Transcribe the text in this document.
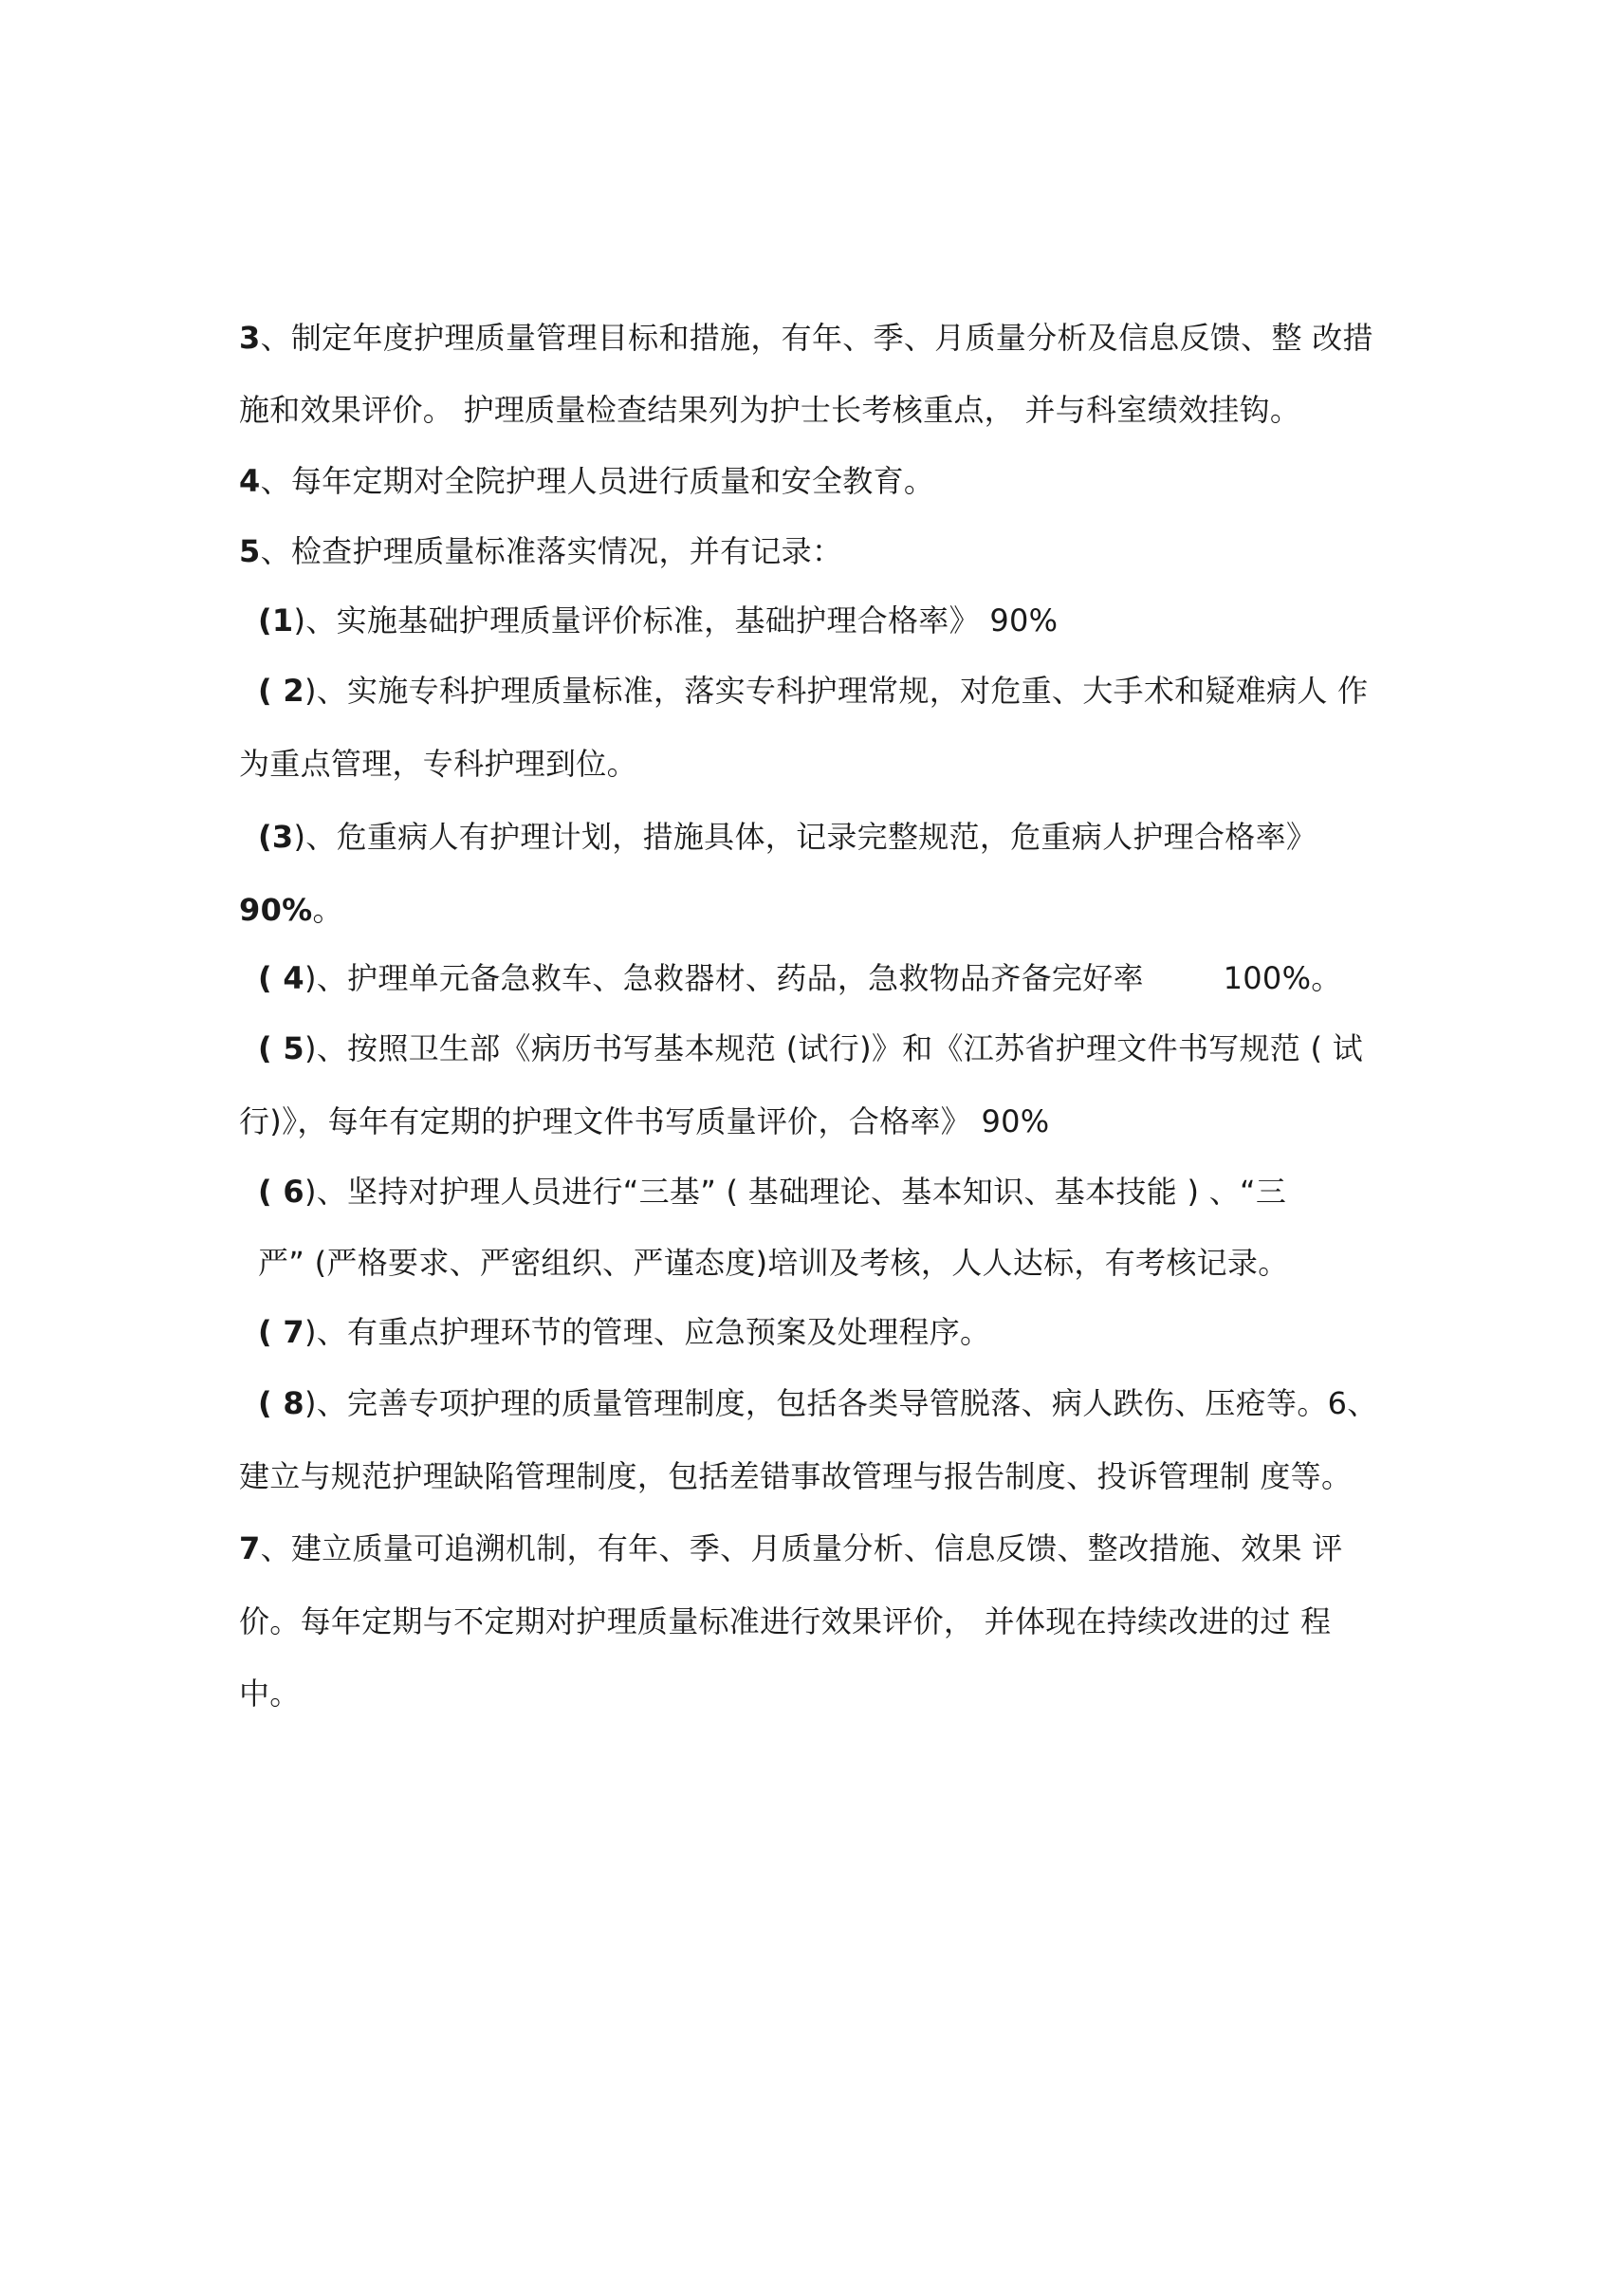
3、制定年度护理质量管理目标和措施，有年、季、月质量分析及信息反馈、整 改措
施和效果评价。 护理质量检查结果列为护士长考核重点， 并与科室绩效挂钩。
4、每年定期对全院护理人员进行质量和安全教育。
5、检查护理质量标准落实情况，并有记录：
(1)、实施基础护理质量评价标准，基础护理合格率》 90%
( 2)、实施专科护理质量标准，落实专科护理常规，对危重、大手术和疑难病人 作
为重点管理，专科护理到位。
(3)、危重病人有护理计划，措施具体，记录完整规范，危重病人护理合格率》
90%。
( 4)、护理单元备急救车、急救器材、药品，急救物品齐备完好率        100%。
( 5)、按照卫生部《病历书写基本规范 (试行)》和《江苏省护理文件书写规范 ( 试
行)》，每年有定期的护理文件书写质量评价，合格率》 90%
( 6)、坚持对护理人员进行“三基” ( 基础理论、基本知识、基本技能 ) 、“三
严” (严格要求、严密组织、严谨态度)培训及考核，人人达标，有考核记录。
( 7)、有重点护理环节的管理、应急预案及处理程序。
( 8)、完善专项护理的质量管理制度，包括各类导管脱落、病人跌伤、压疮等。6、
建立与规范护理缺陷管理制度，包括差错事故管理与报告制度、投诉管理制 度等。
7、建立质量可追溯机制，有年、季、月质量分析、信息反馈、整改措施、效果 评
价。每年定期与不定期对护理质量标准进行效果评价， 并体现在持续改进的过 程
中。
